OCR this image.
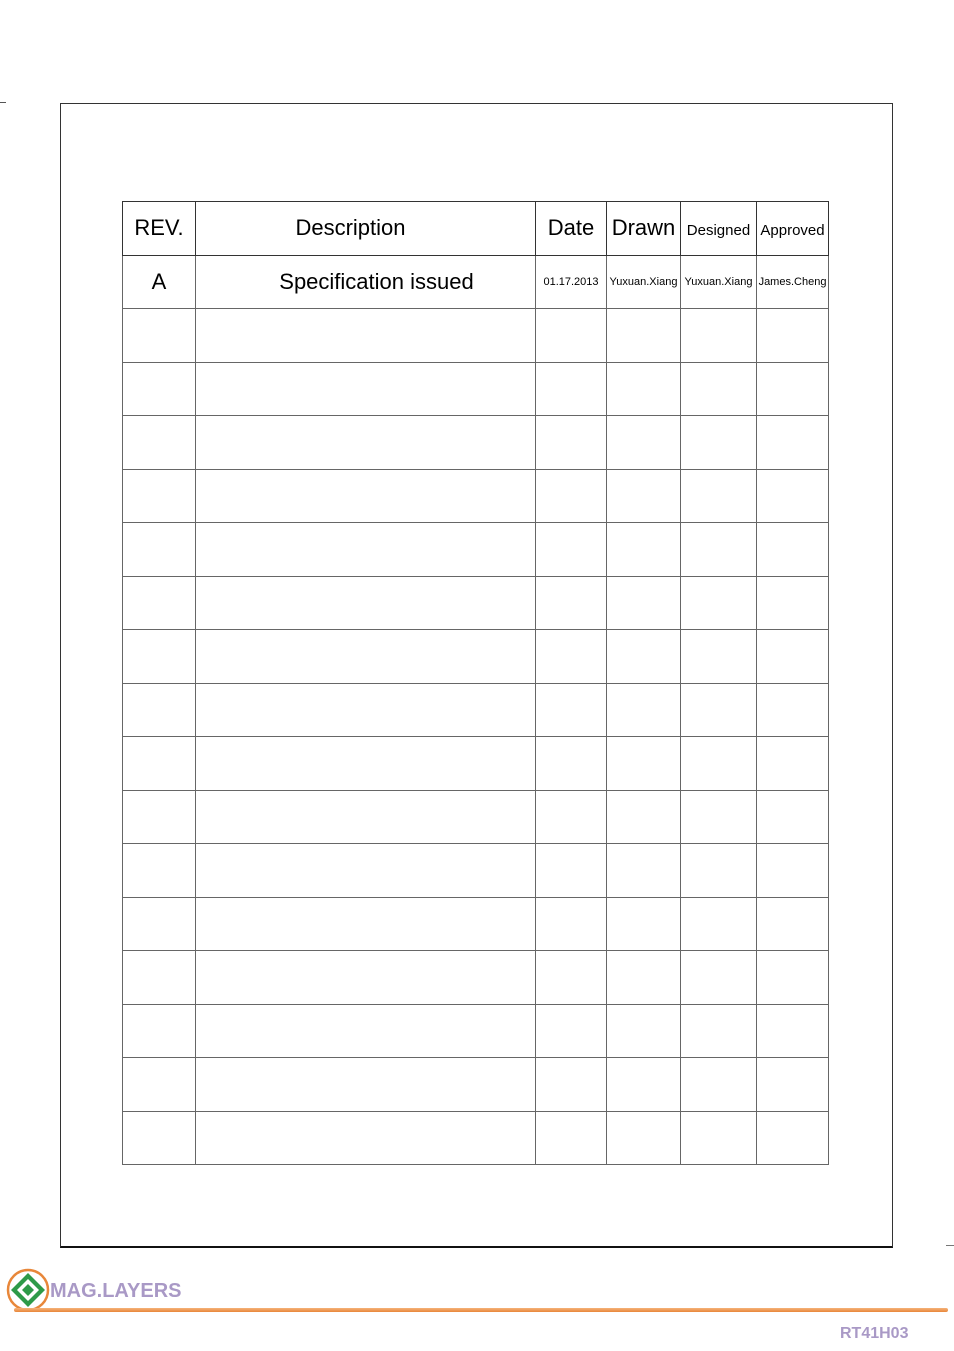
REV.	Description	Date	Drawn	Designed	Approved
A	Specification issued	01.17.2013	Yuxuan.Xiang	Yuxuan.Xiang	James.Cheng

MAG.LAYERS
RT41H03
